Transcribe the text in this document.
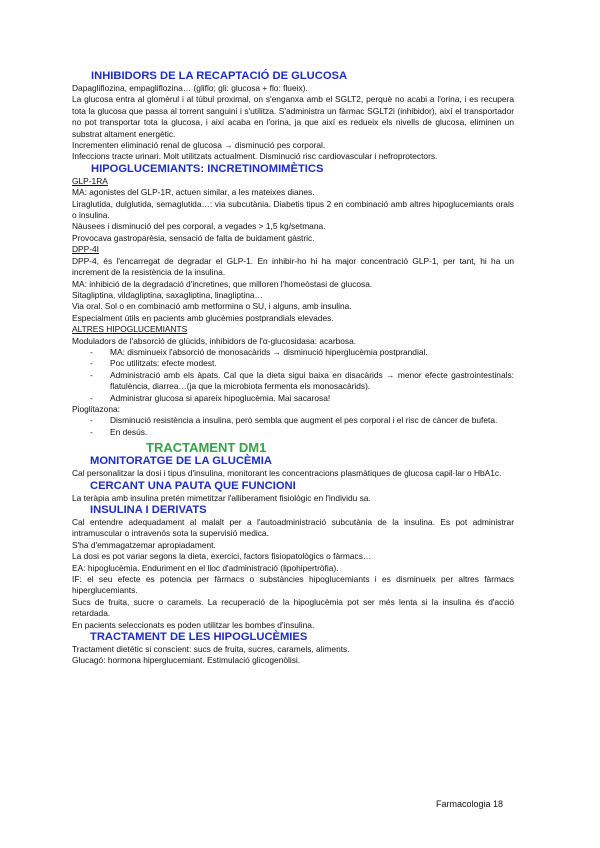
INHIBIDORS DE LA RECAPTACIÓ DE GLUCOSA

Dapagliflozina, empagliflozina… (gliflo; gli: glucosa + flo: flueix).

La glucosa entra al glomèrul i al túbul proximal, on s'enganxa amb el SGLT2, perquè no acabi a l'orina, i es recupera tota la glucosa que passa al torrent sanguini i s'utilitza. S'administra un fàrmac SGLT2i (inhibidor), així el transportador no pot transportar tota la glucosa, i així acaba en l'orina, ja que així es redueix els nivells de glucosa, eliminen un substrat altament energètic.

Incrementen eliminació renal de glucosa → disminució pes corporal.

Infeccions tracte urinari. Molt utilitzats actualment. Disminució risc cardiovascular i nefroprotectors.

HIPOGLUCEMIANTS: INCRETINOMIMÈTICS

GLP-1RA

MA: agonistes del GLP-1R, actuen similar, a les mateixes dianes.

Liraglutida, dulglutida, semaglutida…: via subcutània. Diabetis tipus 2 en combinació amb altres hipoglucemiants orals o insulina.

Nàusees i disminució del pes corporal, a vegades > 1,5 kg/setmana.

Provocava gastroparèsia, sensació de falta de buidament gàstric.

DPP-4I

DPP-4, és l'encarregat de degradar el GLP-1. En inhibir-ho hi ha major concentració GLP-1, per tant, hi ha un increment de la resistència de la insulina.

MA: inhibició de la degradació d'incretines, que milloren l'homeòstasi de glucosa.

Sitagliptina, vildagliptina, saxagliptina, linagliptina…

Via oral. Sol o en combinació amb metformina o SU, i alguns, amb insulina.

Especialment útils en pacients amb glucèmies postprandials elevades.

ALTRES HIPOGLUCEMIANTS

Moduladors de l'absorció de glúcids, inhibidors de l'α-glucosidasa: acarbosa.

- MA: disminueix l'absorció de monosacàrids → disminució hiperglucèmia postprandial.
- Poc utilitzats: efecte modest.
- Administració amb els àpats. Cal que la dieta sigui baixa en disacàrids → menor efecte gastrointestinals: flatulència, diarrea…(ja que la microbiota fermenta els monosacàrids).
- Administrar glucosa si apareix hipoglucèmia. Mai sacarosa!

Pioglitazona:

- Disminució resistència a insulina, però sembla que augment el pes corporal i el risc de càncer de bufeta.
- En desús.
TRACTAMENT DM1
MONITORATGE DE LA GLUCÈMIA

Cal personalitzar la dosi i tipus d'insulina, monitorant les concentracions plasmàtiques de glucosa capil·lar o HbA1c.

CERCANT UNA PAUTA QUE FUNCIONI

La teràpia amb insulina pretén mimetitzar l'alliberament fisiològic en l'individu sa.

INSULINA I DERIVATS

Cal entendre adequadament al malalt per a l'autoadministració subcutània de la insulina. Es pot administrar intramuscular o intravenós sota la supervisió medica.

S'ha d'emmagatzemar apropiadament.

La dosi es pot variar segons la dieta, exercici, factors fisiopatològics o fàrmacs…

EA: hipoglucèmia. Enduriment en el lloc d'administració (lipohipertròfia).

IF: el seu efecte es potencia per fàrmacs o substàncies hipoglucemiants i es disminueix per altres fàrmacs hiperglucemiants.

Sucs de fruita, sucre o caramels. La recuperació de la hipoglucèmia pot ser més lenta si la insulina és d'acció retardada.

En pacients seleccionats es poden utilitzar les bombes d'insulina.

TRACTAMENT DE LES HIPOGLUCÈMIES

Tractament dietètic si conscient: sucs de fruita, sucres, caramels, aliments.

Glucagó: hormona hiperglucemiant. Estimulació glicogenòlisi.

Farmacologia 18
